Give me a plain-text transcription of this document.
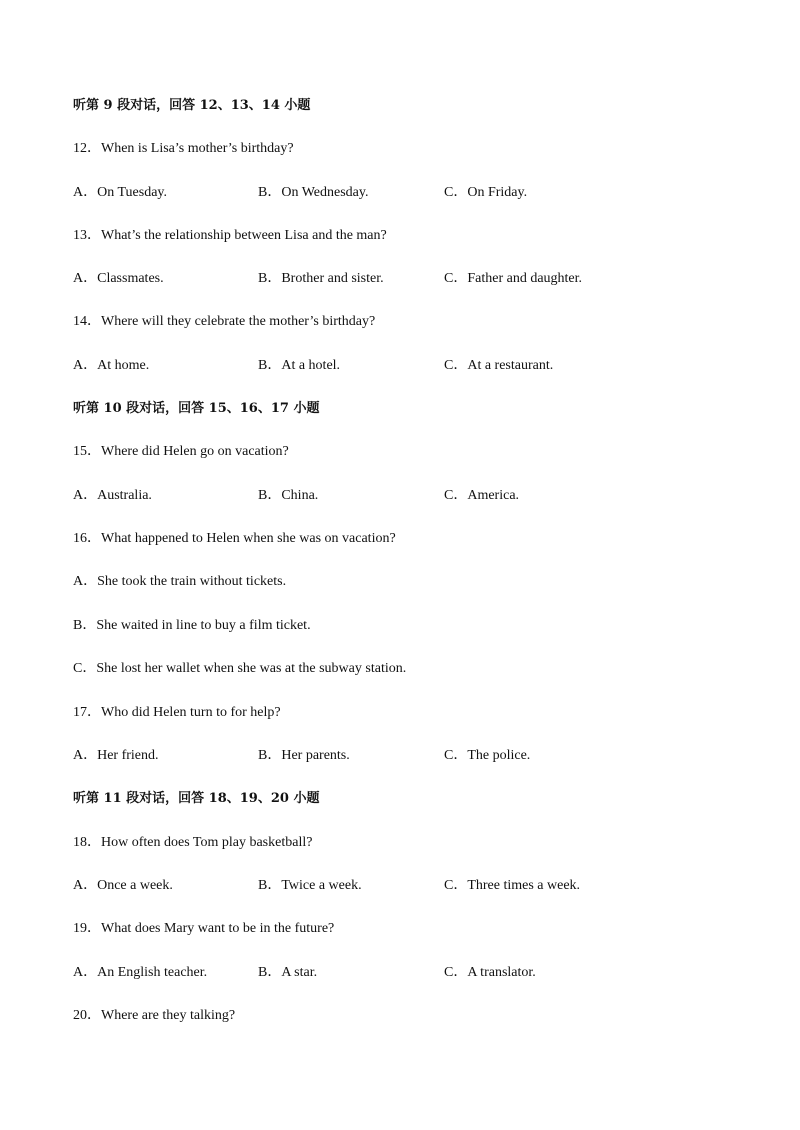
听第 9 段对话，回答 12、13、14 小题
12．When is Lisa’s mother’s birthday?
A．On Tuesday.	B．On Wednesday.	C．On Friday.
13．What’s the relationship between Lisa and the man?
A．Classmates.	B．Brother and sister.	C．Father and daughter.
14．Where will they celebrate the mother’s birthday?
A．At home.	B．At a hotel.	C．At a restaurant.
听第 10 段对话，回答 15、16、17 小题
15．Where did Helen go on vacation?
A．Australia.	B．China.	C．America.
16．What happened to Helen when she was on vacation?
A．She took the train without tickets.
B．She waited in line to buy a film ticket.
C．She lost her wallet when she was at the subway station.
17．Who did Helen turn to for help?
A．Her friend.	B．Her parents.	C．The police.
听第 11 段对话，回答 18、19、20 小题
18．How often does Tom play basketball?
A．Once a week.	B．Twice a week.	C．Three times a week.
19．What does Mary want to be in the future?
A．An English teacher.	B．A star.	C．A translator.
20．Where are they talking?
